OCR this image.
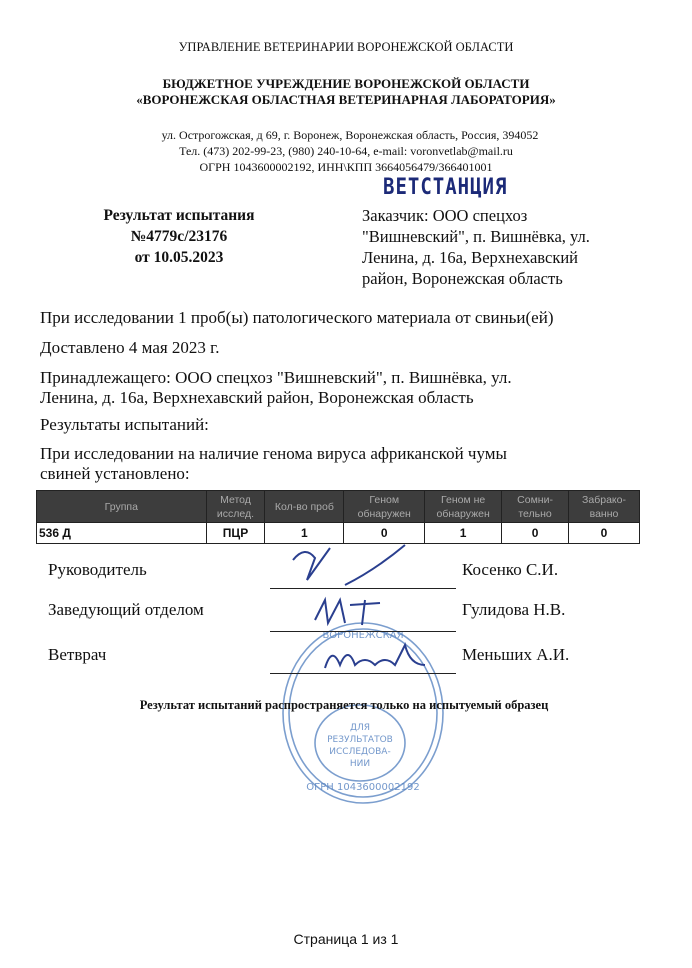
УПРАВЛЕНИЕ ВЕТЕРИНАРИИ ВОРОНЕЖСКОЙ ОБЛАСТИ
БЮДЖЕТНОЕ УЧРЕЖДЕНИЕ ВОРОНЕЖСКОЙ ОБЛАСТИ
«ВОРОНЕЖСКАЯ ОБЛАСТНАЯ ВЕТЕРИНАРНАЯ ЛАБОРАТОРИЯ»
ул. Острогожская, д 69, г. Воронеж, Воронежская область, Россия, 394052
Тел. (473) 202-99-23, (980) 240-10-64, e-mail: voronvetlab@mail.ru
ОГРН 1043600002192, ИНН\КПП 3664056479/366401001
ВЕТСТАНЦИЯ
Результат испытания
№4779с/23176
от 10.05.2023
Заказчик: ООО спецхоз
"Вишневский", п. Вишнёвка, ул.
Ленина, д. 16а, Верхнехавский
район, Воронежская область
При исследовании 1 проб(ы) патологического материала от свиньи(ей)
Доставлено 4 мая 2023 г.
Принадлежащего: ООО спецхоз "Вишневский", п. Вишнёвка, ул.
Ленина, д. 16а, Верхнехавский район, Воронежская область
Результаты испытаний:
При исследовании на наличие генома вируса африканской чумы
свиней установлено:
Группа	Метод исслед.	Кол-во проб	Геном обнаружен	Геном не обнаружен	Сомни-тельно	Забрако-ванно
536 Д	ПЦР	1	0	1	0	0
ДЛЯ
РЕЗУЛЬТАТОВ
ИССЛЕДОВА-
НИИ
ВОРОНЕЖСКАЯ
ОГРН 1043600002192
Руководитель	Косенко С.И.
Заведующий отделом	Гулидова Н.В.
Ветврач	Меньших А.И.
Результат испытаний распространяется только на испытуемый образец
Страница 1 из 1
